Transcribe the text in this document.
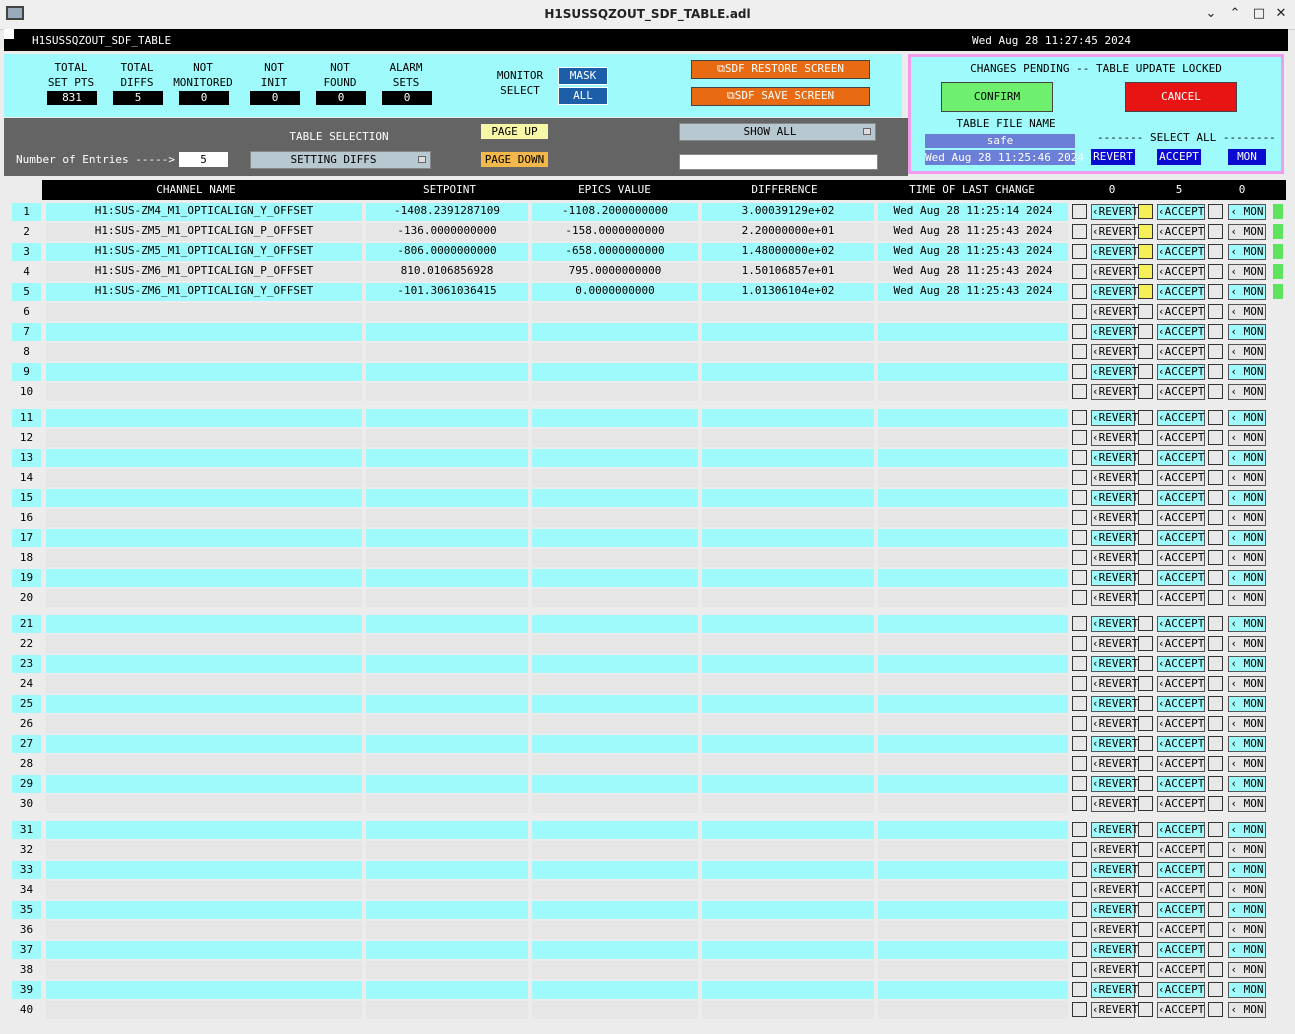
H1SUSSQZOUT_SDF_TABLE.adl	⌄ ⌃ □ ✕
H1SUSSQZOUT_SDF_TABLE	Wed Aug 28 11:27:45 2024
TOTAL
SET PTS
831
TOTAL
DIFFS
5
NOT
MONITORED
0
NOT
INIT
0
NOT
FOUND
0
ALARM
SETS
0
MONITOR
SELECT
MASK
ALL
⧉SDF RESTORE SCREEN
⧉SDF SAVE SCREEN
CHANGES PENDING -- TABLE UPDATE LOCKED
CONFIRM	CANCEL
TABLE FILE NAME
safe
Wed Aug 28 11:25:46 2024
------- SELECT ALL --------
REVERT ACCEPT	MON
Number of Entries ----->	5
TABLE SELECTION
SETTING DIFFS
PAGE UP
PAGE DOWN
SHOW ALL
CHANNEL NAME	SETPOINT	EPICS VALUE	DIFFERENCE	TIME OF LAST CHANGE	0	5	0
1	H1:SUS-ZM4_M1_OPTICALIGN_Y_OFFSET	-1408.2391287109	-1108.2000000000	3.00039129e+02	Wed Aug 28 11:25:14 2024	‹REVERT ‹ACCEPT ‹ MON
2	H1:SUS-ZM5_M1_OPTICALIGN_P_OFFSET	-136.0000000000	-158.0000000000	2.20000000e+01	Wed Aug 28 11:25:43 2024	‹REVERT ‹ACCEPT ‹ MON
3	H1:SUS-ZM5_M1_OPTICALIGN_Y_OFFSET	-806.0000000000	-658.0000000000	1.48000000e+02	Wed Aug 28 11:25:43 2024	‹REVERT ‹ACCEPT ‹ MON
4	H1:SUS-ZM6_M1_OPTICALIGN_P_OFFSET	810.0106856928	795.0000000000	1.50106857e+01	Wed Aug 28 11:25:43 2024	‹REVERT ‹ACCEPT ‹ MON
5	H1:SUS-ZM6_M1_OPTICALIGN_Y_OFFSET	-101.3061036415	0.0000000000	1.01306104e+02	Wed Aug 28 11:25:43 2024	‹REVERT ‹ACCEPT ‹ MON
6	‹REVERT ‹ACCEPT ‹ MON
7	‹REVERT ‹ACCEPT ‹ MON
8	‹REVERT ‹ACCEPT ‹ MON
9	‹REVERT ‹ACCEPT ‹ MON
10	‹REVERT ‹ACCEPT ‹ MON
11	‹REVERT ‹ACCEPT ‹ MON
12	‹REVERT ‹ACCEPT ‹ MON
13	‹REVERT ‹ACCEPT ‹ MON
14	‹REVERT ‹ACCEPT ‹ MON
15	‹REVERT ‹ACCEPT ‹ MON
16	‹REVERT ‹ACCEPT ‹ MON
17	‹REVERT ‹ACCEPT ‹ MON
18	‹REVERT ‹ACCEPT ‹ MON
19	‹REVERT ‹ACCEPT ‹ MON
20	‹REVERT ‹ACCEPT ‹ MON
21	‹REVERT ‹ACCEPT ‹ MON
22	‹REVERT ‹ACCEPT ‹ MON
23	‹REVERT ‹ACCEPT ‹ MON
24	‹REVERT ‹ACCEPT ‹ MON
25	‹REVERT ‹ACCEPT ‹ MON
26	‹REVERT ‹ACCEPT ‹ MON
27	‹REVERT ‹ACCEPT ‹ MON
28	‹REVERT ‹ACCEPT ‹ MON
29	‹REVERT ‹ACCEPT ‹ MON
30	‹REVERT ‹ACCEPT ‹ MON
31	‹REVERT ‹ACCEPT ‹ MON
32	‹REVERT ‹ACCEPT ‹ MON
33	‹REVERT ‹ACCEPT ‹ MON
34	‹REVERT ‹ACCEPT ‹ MON
35	‹REVERT ‹ACCEPT ‹ MON
36	‹REVERT ‹ACCEPT ‹ MON
37	‹REVERT ‹ACCEPT ‹ MON
38	‹REVERT ‹ACCEPT ‹ MON
39	‹REVERT ‹ACCEPT ‹ MON
40	‹REVERT ‹ACCEPT ‹ MON
